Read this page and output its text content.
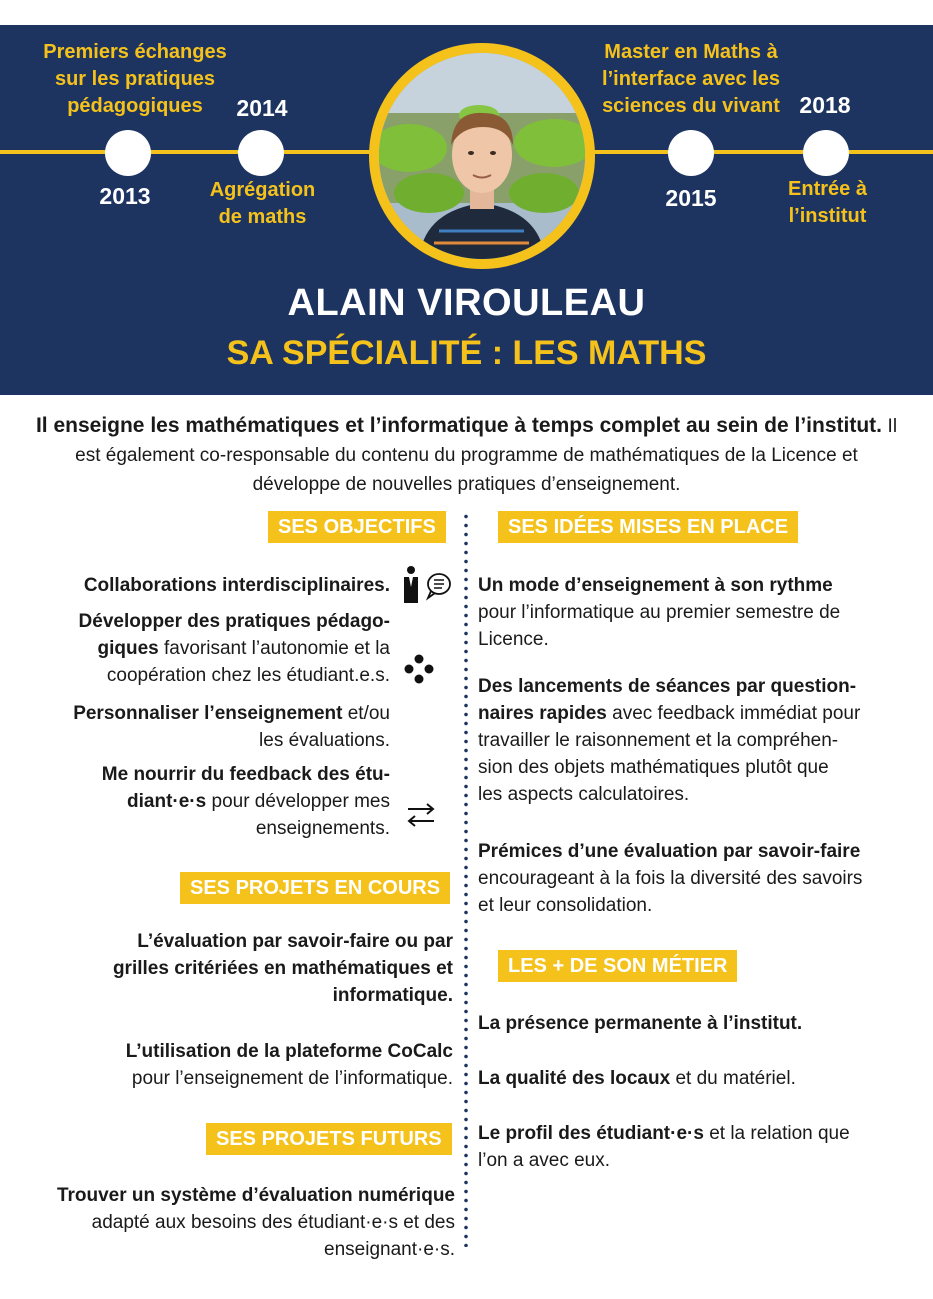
Premiers échanges
sur les pratiques
pédagogiques
2013
2014
Agrégation
de maths
Master en Maths à
l’interface avec les
sciences du vivant
2015
2018
Entrée à
l’institut
ALAIN VIROULEAU
SA SPÉCIALITÉ : LES MATHS
Il enseigne les mathématiques et l’informatique à temps complet au sein de l’institut. Il est également co-responsable du contenu du programme de mathématiques de la Licence et développe de nouvelles pratiques d’enseignement.
SES OBJECTIFS
Collaborations interdisciplinaires.
Développer des pratiques pédago-
giques favorisant l’autonomie et la
coopération chez les étudiant.e.s.
Personnaliser l’enseignement et/ou
les évaluations.
Me nourrir du feedback des étu-
diant·e·s pour développer mes
enseignements.
SES PROJETS EN COURS
L’évaluation par savoir-faire ou par
grilles critériées en mathématiques et
informatique.
L’utilisation de la plateforme CoCalc
pour l’enseignement de l’informatique.
SES PROJETS FUTURS
Trouver un système d’évaluation numérique
adapté aux besoins des étudiant·e·s et des
enseignant·e·s.
SES IDÉES MISES EN PLACE
Un mode d’enseignement à son rythme
pour l’informatique au premier semestre de
Licence.
Des lancements de séances par question-
naires rapides avec feedback immédiat pour
travailler le raisonnement et la compréhen-
sion des objets mathématiques plutôt que
les aspects calculatoires.
Prémices d’une évaluation par savoir-faire
encourageant à la fois la diversité des savoirs
et leur consolidation.
LES + DE SON MÉTIER
La présence permanente à l’institut.
La qualité des locaux et du matériel.
Le profil des étudiant·e·s et la relation que
l’on a avec eux.
